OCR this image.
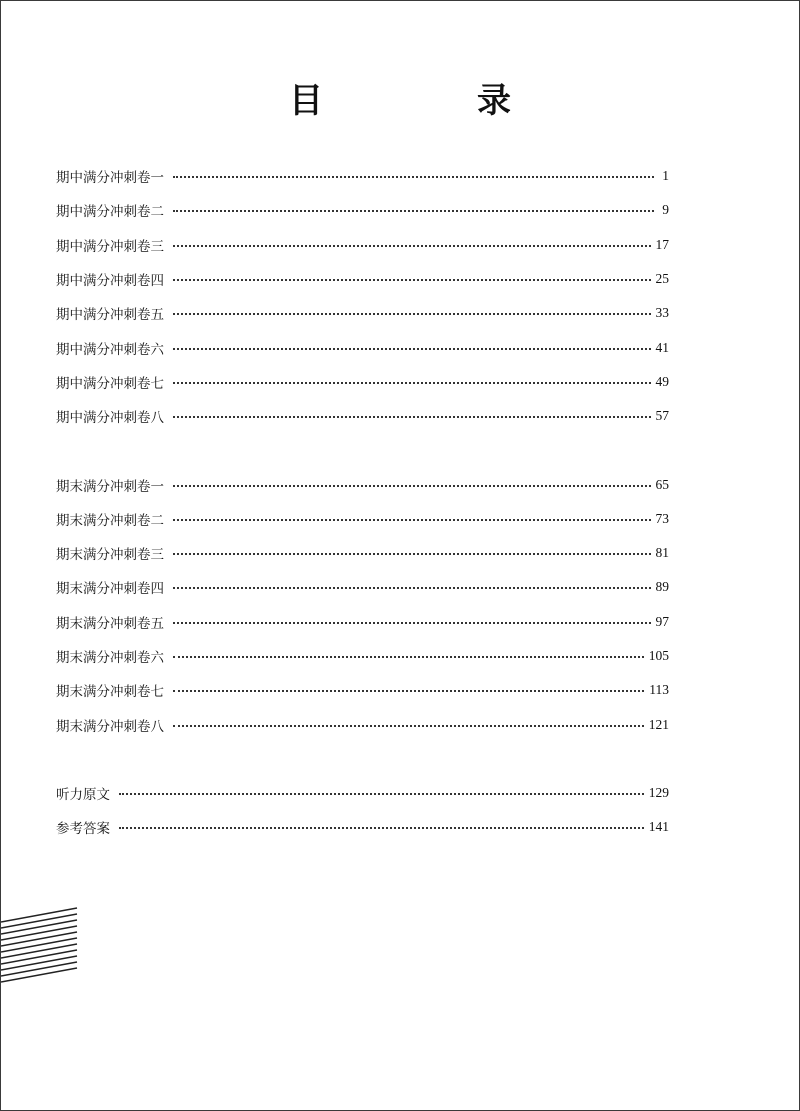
目　录
期中满分冲刺卷一	1
期中满分冲刺卷二	9
期中满分冲刺卷三	17
期中满分冲刺卷四	25
期中满分冲刺卷五	33
期中满分冲刺卷六	41
期中满分冲刺卷七	49
期中满分冲刺卷八	57
期末满分冲刺卷一	65
期末满分冲刺卷二	73
期末满分冲刺卷三	81
期末满分冲刺卷四	89
期末满分冲刺卷五	97
期末满分冲刺卷六	105
期末满分冲刺卷七	113
期末满分冲刺卷八	121
听力原文	129
参考答案	141
